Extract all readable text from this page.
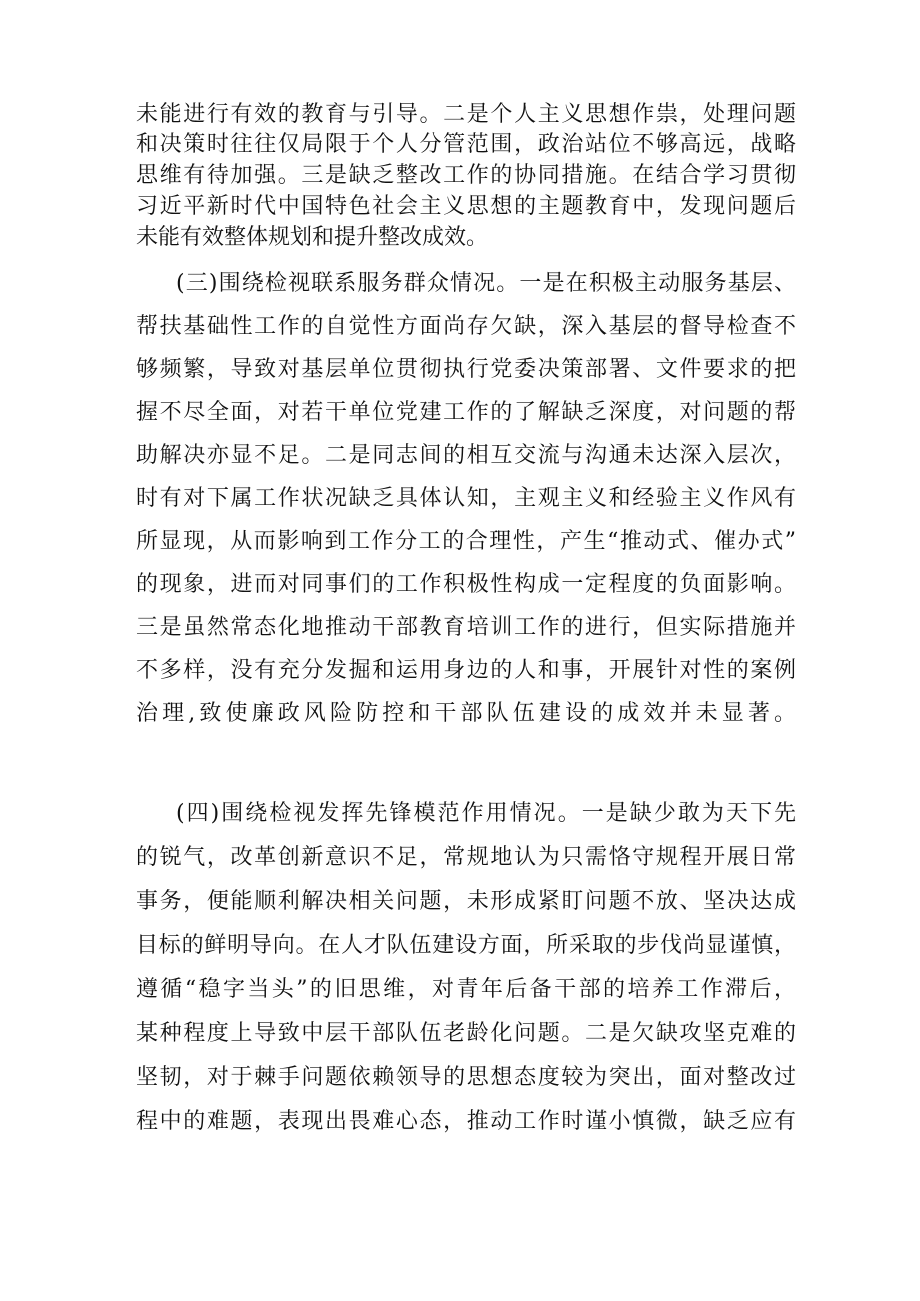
未能进行有效的教育与引导。二是个人主义思想作祟，处理问题
和决策时往往仅局限于个人分管范围，政治站位不够高远，战略
思维有待加强。三是缺乏整改工作的协同措施。在结合学习贯彻
习近平新时代中国特色社会主义思想的主题教育中，发现问题后
未能有效整体规划和提升整改成效。
(三)围绕检视联系服务群众情况。一是在积极主动服务基层、
帮扶基础性工作的自觉性方面尚存欠缺，深入基层的督导检查不
够频繁，导致对基层单位贯彻执行党委决策部署、文件要求的把
握不尽全面，对若干单位党建工作的了解缺乏深度，对问题的帮
助解决亦显不足。二是同志间的相互交流与沟通未达深入层次，
时有对下属工作状况缺乏具体认知，主观主义和经验主义作风有
所显现，从而影响到工作分工的合理性，产生“推动式、催办式”
的现象，进而对同事们的工作积极性构成一定程度的负面影响。
三是虽然常态化地推动干部教育培训工作的进行，但实际措施并
不多样，没有充分发掘和运用身边的人和事，开展针对性的案例
治理,致使廉政风险防控和干部队伍建设的成效并未显著。
(四)围绕检视发挥先锋模范作用情况。一是缺少敢为天下先
的锐气，改革创新意识不足，常规地认为只需恪守规程开展日常
事务，便能顺利解决相关问题，未形成紧盯问题不放、坚决达成
目标的鲜明导向。在人才队伍建设方面，所采取的步伐尚显谨慎，
遵循“稳字当头”的旧思维，对青年后备干部的培养工作滞后，
某种程度上导致中层干部队伍老龄化问题。二是欠缺攻坚克难的
坚韧，对于棘手问题依赖领导的思想态度较为突出，面对整改过
程中的难题，表现出畏难心态，推动工作时谨小慎微，缺乏应有
